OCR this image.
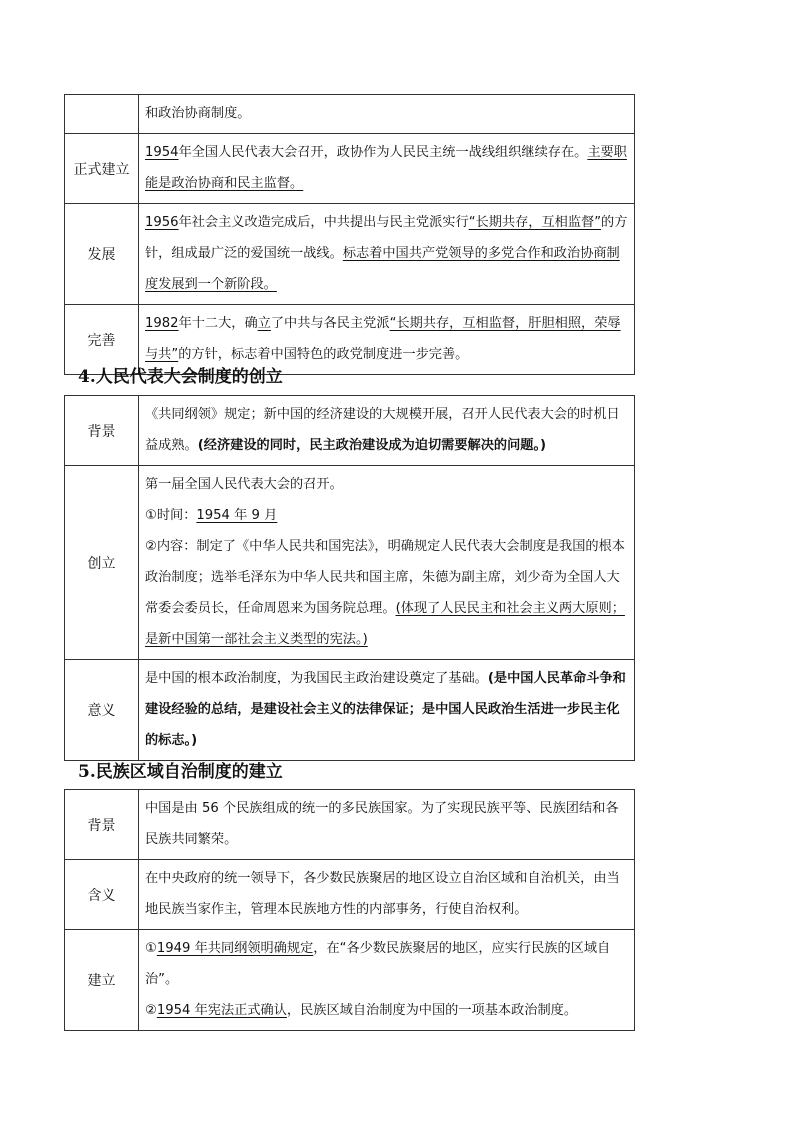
	和政治协商制度。
正式建立	1954年全国人民代表大会召开，政协作为人民民主统一战线组织继续存在。主要职能是政治协商和民主监督。
发展	1956年社会主义改造完成后，中共提出与民主党派实行“长期共存，互相监督”的方针，组成最广泛的爱国统一战线。标志着中国共产党领导的多党合作和政治协商制度发展到一个新阶段。
完善	1982年十二大，确立了中共与各民主党派“长期共存，互相监督，肝胆相照，荣辱与共”的方针，标志着中国特色的政党制度进一步完善。
4.人民代表大会制度的创立
背景	《共同纲领》规定；新中国的经济建设的大规模开展，召开人民代表大会的时机日益成熟。(经济建设的同时，民主政治建设成为迫切需要解决的问题。)
创立	第一届全国人民代表大会的召开。
①时间：1954 年 9 月
②内容：制定了《中华人民共和国宪法》，明确规定人民代表大会制度是我国的根本政治制度；选举毛泽东为中华人民共和国主席，朱德为副主席，刘少奇为全国人大常委会委员长，任命周恩来为国务院总理。(体现了人民民主和社会主义两大原则；是新中国第一部社会主义类型的宪法。)

意义	是中国的根本政治制度，为我国民主政治建设奠定了基础。(是中国人民革命斗争和建设经验的总结，是建设社会主义的法律保证；是中国人民政治生活进一步民主化的标志。)
5.民族区域自治制度的建立
背景	中国是由 56 个民族组成的统一的多民族国家。为了实现民族平等、民族团结和各民族共同繁荣。
含义	在中央政府的统一领导下，各少数民族聚居的地区设立自治区域和自治机关，由当地民族当家作主，管理本民族地方性的内部事务，行使自治权利。
建立	①1949 年共同纲领明确规定，在“各少数民族聚居的地区，应实行民族的区域自治”。
②1954 年宪法正式确认，民族区域自治制度为中国的一项基本政治制度。
